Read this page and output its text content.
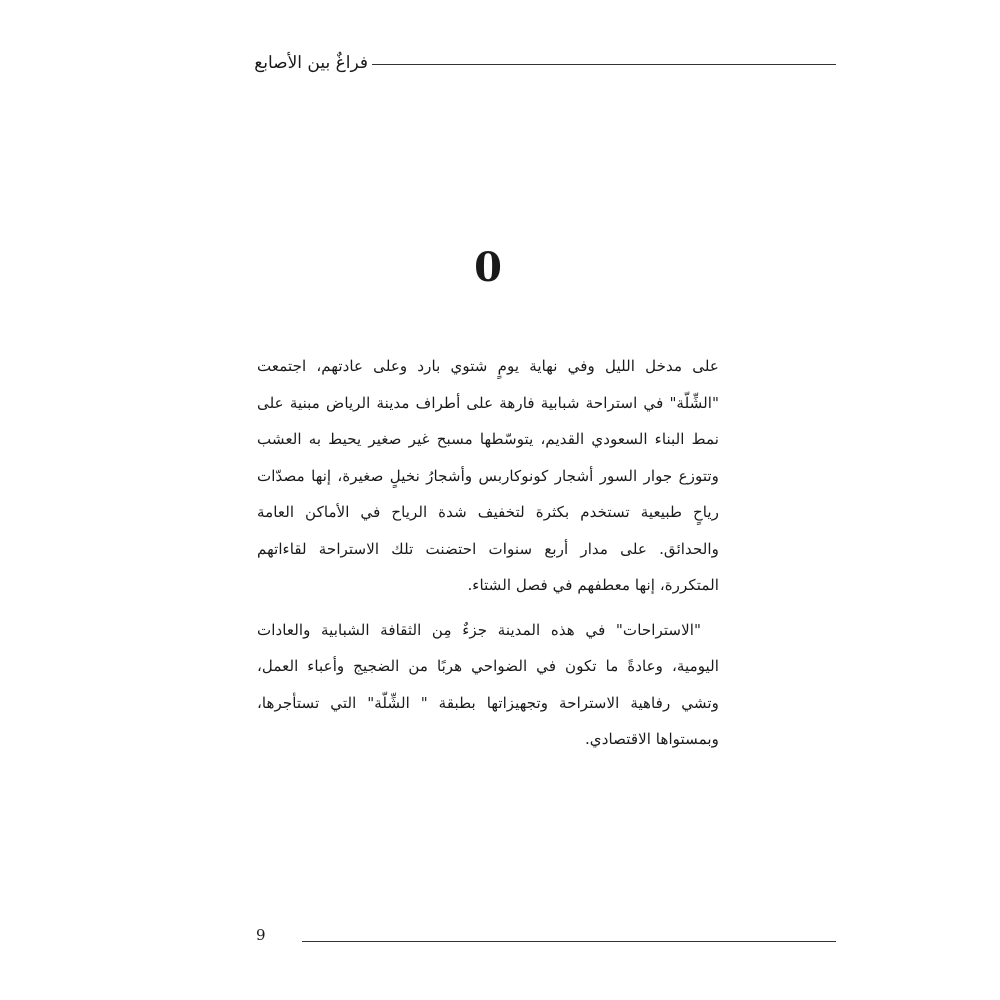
فراغٌ بين الأصابع
0

على مدخل الليل وفي نهاية يومٍ شتوي بارد وعلى عادتهم، اجتمعت "الشِّلّة" في استراحة شبابية فارهة على أطراف مدينة الرياض مبنية على نمط البناء السعودي القديم، يتوسّطها مسبح غير صغير يحيط به العشب وتتوزع جوار السور أشجار كونوكاربس وأشجارُ نخيلٍ صغيرة، إنها مصدّات رياحٍ طبيعية تستخدم بكثرة لتخفيف شدة الرياح في الأماكن العامة والحدائق. على مدار أربع سنوات احتضنت تلك الاستراحة لقاءاتهم المتكررة، إنها معطفهم في فصل الشتاء.

"الاستراحات" في هذه المدينة جزءٌ مِن الثقافة الشبابية والعادات اليومية، وعادةً ما تكون في الضواحي هربًا من الضجيج وأعباء العمل، وتشي رفاهية الاستراحة وتجهيزاتها بطبقة " الشِّلّة" التي تستأجرها، وبمستواها الاقتصادي.

9
